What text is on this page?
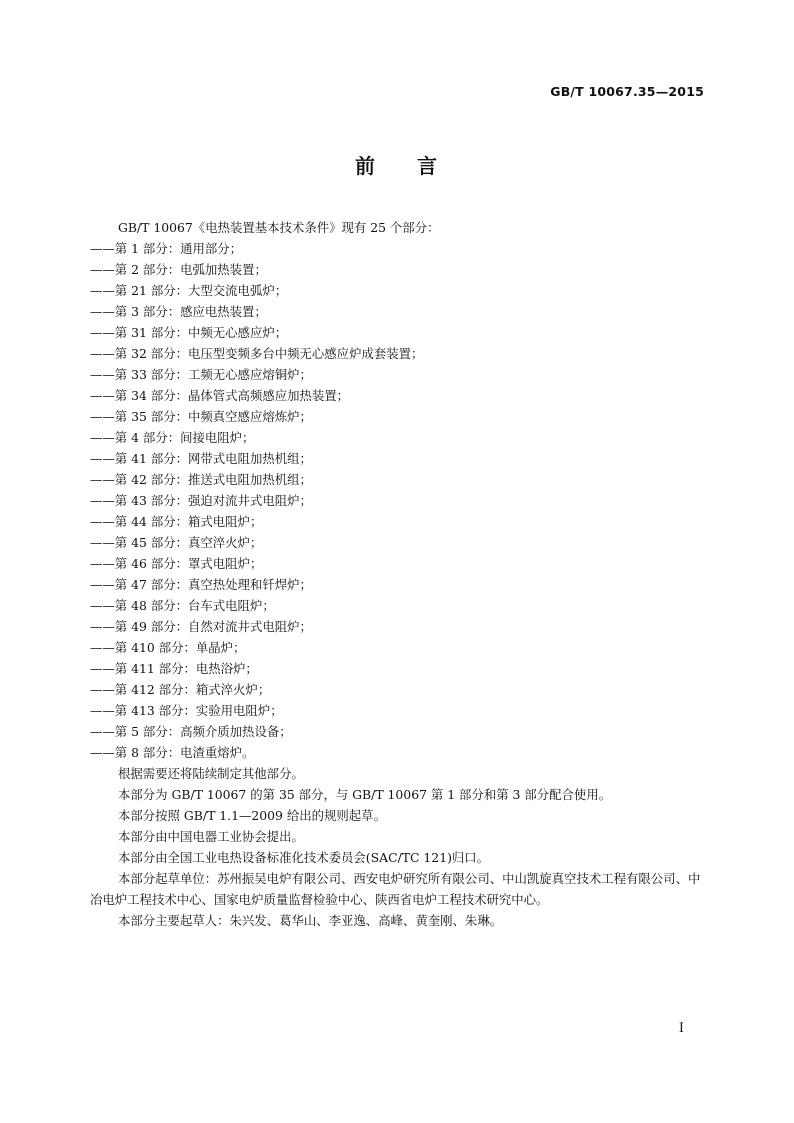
GB/T 10067.35—2015
前 言
GB/T 10067《电热装置基本技术条件》现有 25 个部分：
——第 1 部分：通用部分；
——第 2 部分：电弧加热装置；
——第 21 部分：大型交流电弧炉；
——第 3 部分：感应电热装置；
——第 31 部分：中频无心感应炉；
——第 32 部分：电压型变频多台中频无心感应炉成套装置；
——第 33 部分：工频无心感应熔铜炉；
——第 34 部分：晶体管式高频感应加热装置；
——第 35 部分：中频真空感应熔炼炉；
——第 4 部分：间接电阻炉；
——第 41 部分：网带式电阻加热机组；
——第 42 部分：推送式电阻加热机组；
——第 43 部分：强迫对流井式电阻炉；
——第 44 部分：箱式电阻炉；
——第 45 部分：真空淬火炉；
——第 46 部分：罩式电阻炉；
——第 47 部分：真空热处理和钎焊炉；
——第 48 部分：台车式电阻炉；
——第 49 部分：自然对流井式电阻炉；
——第 410 部分：单晶炉；
——第 411 部分：电热浴炉；
——第 412 部分：箱式淬火炉；
——第 413 部分：实验用电阻炉；
——第 5 部分：高频介质加热设备；
——第 8 部分：电渣重熔炉。
根据需要还将陆续制定其他部分。
本部分为 GB/T 10067 的第 35 部分，与 GB/T 10067 第 1 部分和第 3 部分配合使用。
本部分按照 GB/T 1.1—2009 给出的规则起草。
本部分由中国电器工业协会提出。
本部分由全国工业电热设备标准化技术委员会(SAC/TC 121)归口。
本部分起草单位：苏州振吴电炉有限公司、西安电炉研究所有限公司、中山凯旋真空技术工程有限公司、中冶电炉工程技术中心、国家电炉质量监督检验中心、陕西省电炉工程技术研究中心。
本部分主要起草人：朱兴发、葛华山、李亚逸、高峰、黄奎刚、朱琳。
I
